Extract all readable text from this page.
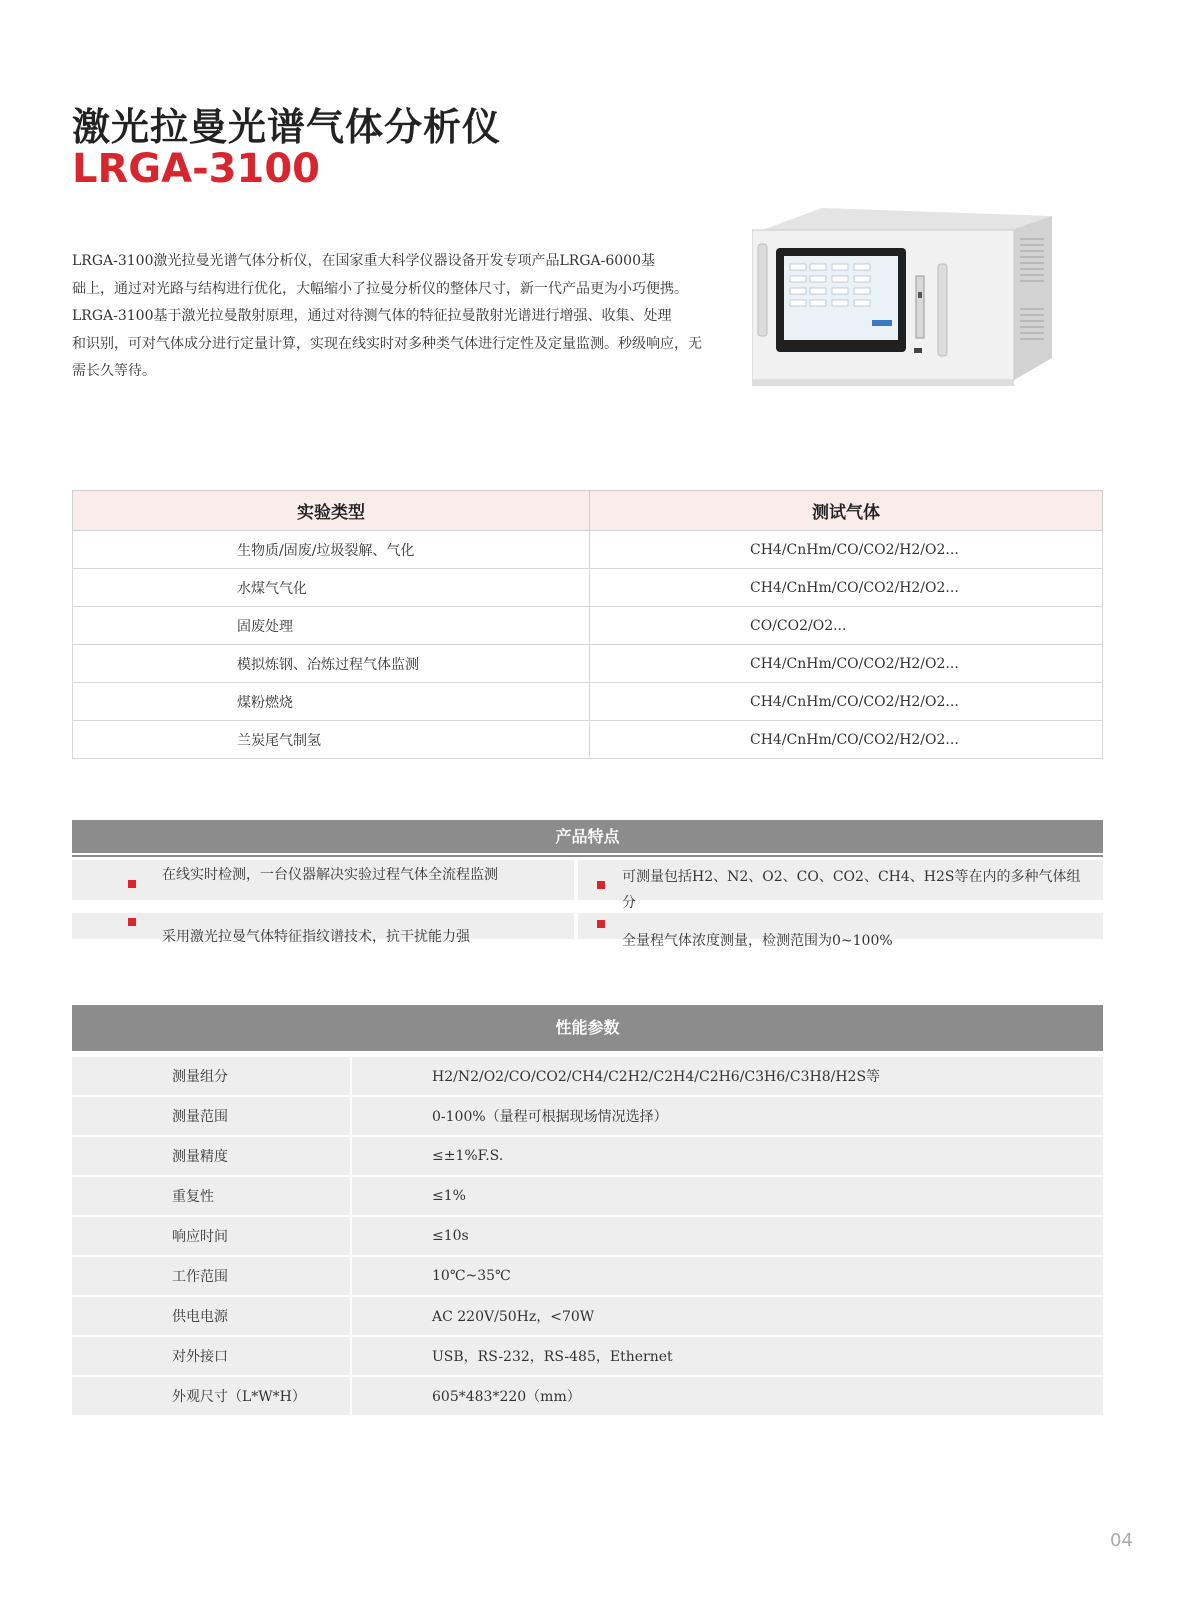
激光拉曼光谱气体分析仪
LRGA-3100

LRGA-3100激光拉曼光谱气体分析仪，在国家重大科学仪器设备开发专项产品LRGA-6000基
础上，通过对光路与结构进行优化，大幅缩小了拉曼分析仪的整体尺寸，新一代产品更为小巧便携。
LRGA-3100基于激光拉曼散射原理，通过对待测气体的特征拉曼散射光谱进行增强、收集、处理
和识别，可对气体成分进行定量计算，实现在线实时对多种类气体进行定性及定量监测。秒级响应，无
需长久等待。

实验类型	测试气体
生物质/固废/垃圾裂解、气化	CH4/CnHm/CO/CO2/H2/O2...
水煤气气化	CH4/CnHm/CO/CO2/H2/O2...
固废处理	CO/CO2/O2...
模拟炼钢、冶炼过程气体监测	CH4/CnHm/CO/CO2/H2/O2...
煤粉燃烧	CH4/CnHm/CO/CO2/H2/O2...
兰炭尾气制氢	CH4/CnHm/CO/CO2/H2/O2...
产品特点
在线实时检测，一台仪器解决实验过程气体全流程监测	可测量包括H2、N2、O2、CO、CO2、CH4、H2S等在内的多种气体组分
采用激光拉曼气体特征指纹谱技术，抗干扰能力强	全量程气体浓度测量，检测范围为0~100%
性能参数
测量组分	H2/N2/O2/CO/CO2/CH4/C2H2/C2H4/C2H6/C3H6/C3H8/H2S等
测量范围	0-100%（量程可根据现场情况选择）
测量精度	≤±1%F.S.
重复性	≤1%
响应时间	≤10s
工作范围	10℃~35℃
供电电源	AC 220V/50Hz，<70W
对外接口	USB，RS-232，RS-485，Ethernet
外观尺寸（L*W*H）	605*483*220（mm）
04
